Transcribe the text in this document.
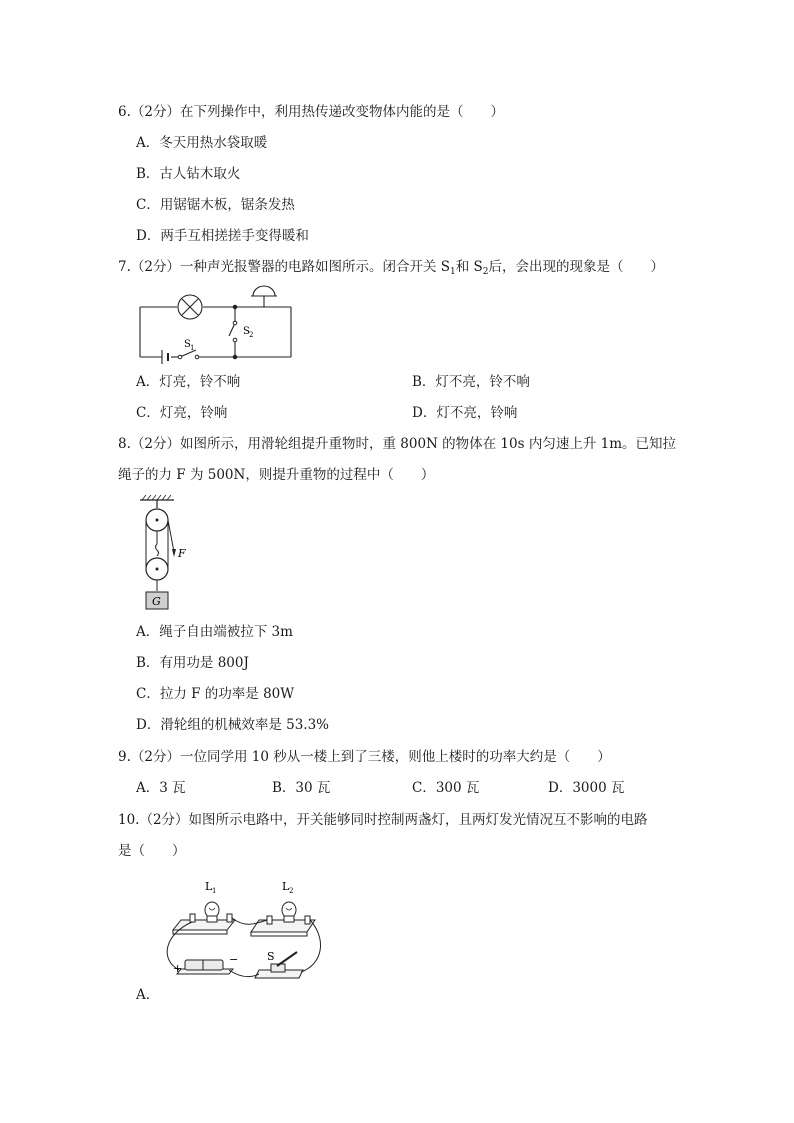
6.（2分）在下列操作中，利用热传递改变物体内能的是（　　）
A．冬天用热水袋取暖
B．古人钻木取火
C．用锯锯木板，锯条发热
D．两手互相搓搓手变得暖和
7.（2分）一种声光报警器的电路如图所示。闭合开关 $S_1$和 $S_2$后，会出现的现象是（　　）
S 1
S 2
A．灯亮，铃不响	B．灯不亮，铃不响
C．灯亮，铃响	D．灯不亮，铃响
8.（2分）如图所示，用滑轮组提升重物时，重 800N 的物体在 10s 内匀速上升 1m。已知拉
绳子的力 F 为 500N，则提升重物的过程中（　　）
F
G
A．绳子自由端被拉下 3m
B．有用功是 800J
C．拉力 F 的功率是 80W
D．滑轮组的机械效率是 53.3%
9.（2分）一位同学用 10 秒从一楼上到了三楼，则他上楼时的功率大约是（　　）
A．3 瓦	B．30 瓦	C．300 瓦	D．3000 瓦
10.（2分）如图所示电路中，开关能够同时控制两盏灯，且两灯发光情况互不影响的电路
是（　　）
A．
L 1	L 2
S
+
−
